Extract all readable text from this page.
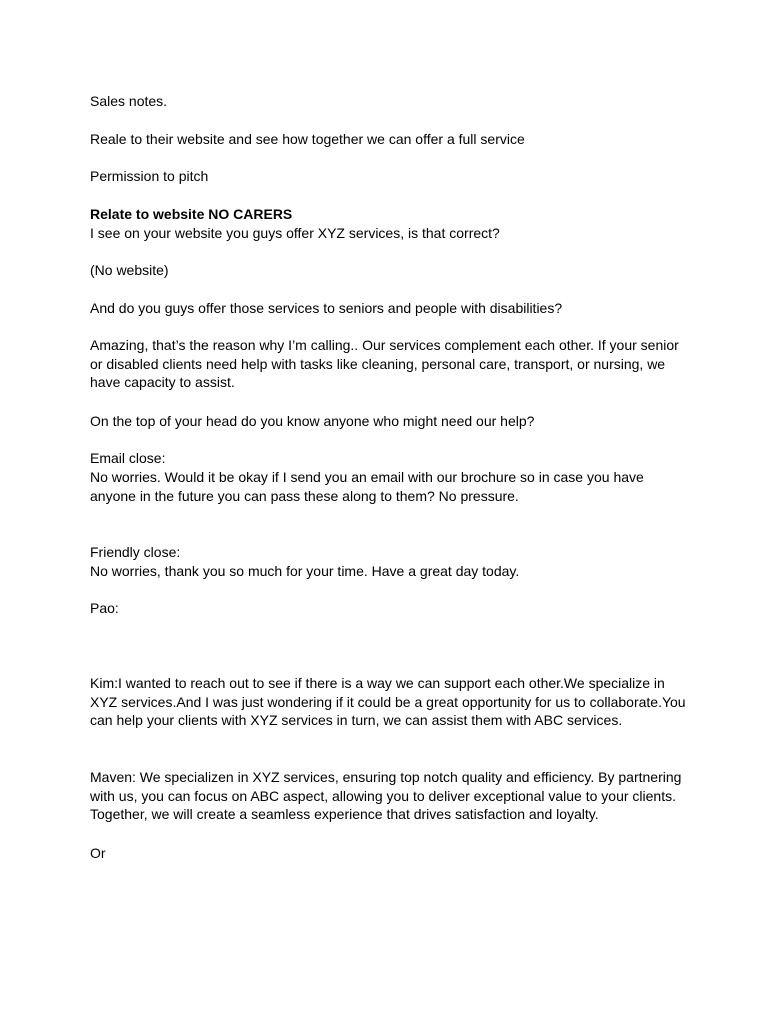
Sales notes.

Reale to their website and see how together we can offer a full service

Permission to pitch

Relate to website NO CARERS

I see on your website you guys offer XYZ services, is that correct?

(No website)

And do you guys offer those services to seniors and people with disabilities?

Amazing, that’s the reason why I’m calling.. Our services complement each other. If your senior
or disabled clients need help with tasks like cleaning, personal care, transport, or nursing, we
have capacity to assist.

On the top of your head do you know anyone who might need our help?

Email close:

No worries. Would it be okay if I send you an email with our brochure so in case you have
anyone in the future you can pass these along to them? No pressure.

Friendly close:

No worries, thank you so much for your time. Have a great day today.

Pao:

Kim:I wanted to reach out to see if there is a way we can support each other.We specialize in
XYZ services.And I was just wondering if it could be a great opportunity for us to collaborate.You
can help your clients with XYZ services in turn, we can assist them with ABC services.
Maven: We specializen in XYZ services, ensuring top notch quality and efficiency. By partnering
with us, you can focus on ABC aspect, allowing you to deliver exceptional value to your clients.
Together, we will create a seamless experience that drives satisfaction and loyalty.

Or
